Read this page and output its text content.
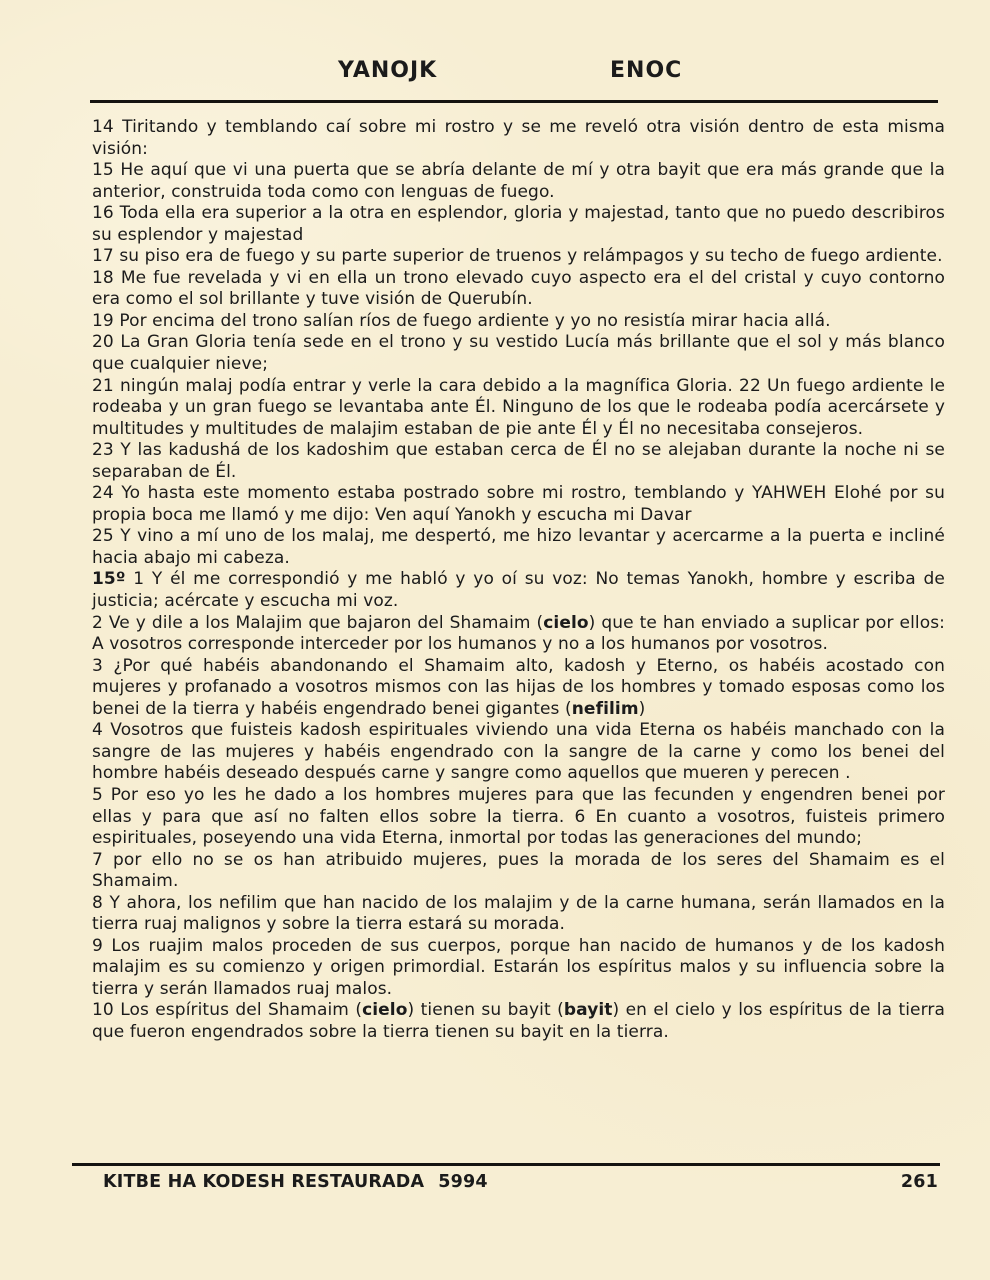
YANOJK	ENOC

14 Tiritando y temblando caí sobre mi rostro y se me reveló otra visión dentro de esta misma visión:

15 He aquí que vi una puerta que se abría delante de mí y otra bayit que era más grande que la anterior, construida toda como con lenguas de fuego.

16 Toda ella era superior a la otra en esplendor, gloria y majestad, tanto que no puedo describiros su esplendor y majestad

17 su piso era de fuego y su parte superior de truenos y relámpagos y su techo de fuego ardiente.

18 Me fue revelada y vi en ella un trono elevado cuyo aspecto era el del cristal y cuyo contorno era como el sol brillante y tuve visión de Querubín.

19 Por encima del trono salían ríos de fuego ardiente y yo no resistía mirar hacia allá.

20 La Gran Gloria tenía sede en el trono y su vestido Lucía más brillante que el sol y más blanco que cualquier nieve;

21 ningún malaj podía entrar y verle la cara debido a la magnífica Gloria. 22 Un fuego ardiente le rodeaba y un gran fuego se levantaba ante Él. Ninguno de los que le rodeaba podía acercársete y multitudes y multitudes de malajim estaban de pie ante Él y Él no necesitaba consejeros.

23 Y las kadushá de los kadoshim que estaban cerca de Él no se alejaban durante la noche ni se separaban de Él.

24 Yo hasta este momento estaba postrado sobre mi rostro, temblando y YAHWEH Elohé por su propia boca me llamó y me dijo: Ven aquí Yanokh y escucha mi Davar

25 Y vino a mí uno de los malaj, me despertó, me hizo levantar y acercarme a la puerta e incliné hacia abajo mi cabeza.

15º 1 Y él me correspondió y me habló y yo oí su voz: No temas Yanokh, hombre y escriba de justicia; acércate y escucha mi voz.

2 Ve y dile a los Malajim que bajaron del Shamaim (cielo) que te han enviado a suplicar por ellos: A vosotros corresponde interceder por los humanos y no a los humanos por vosotros.

3 ¿Por qué habéis abandonando el Shamaim alto, kadosh y Eterno, os habéis acostado con mujeres y profanado a vosotros mismos con las hijas de los hombres y tomado esposas como los benei de la tierra y habéis engendrado benei gigantes (nefilim)

4 Vosotros que fuisteis kadosh espirituales viviendo una vida Eterna os habéis manchado con la sangre de las mujeres y habéis engendrado con la sangre de la carne y como los benei del hombre habéis deseado después carne y sangre como aquellos que mueren y perecen .

5 Por eso yo les he dado a los hombres mujeres para que las fecunden y engendren benei por ellas y para que así no falten ellos sobre la tierra. 6 En cuanto a vosotros, fuisteis primero espirituales, poseyendo una vida Eterna, inmortal por todas las generaciones del mundo;

7 por ello no se os han atribuido mujeres, pues la morada de los seres del Shamaim es el Shamaim.

8 Y ahora, los nefilim que han nacido de los malajim y de la carne humana, serán llamados en la tierra ruaj malignos y sobre la tierra estará su morada.

9 Los ruajim malos proceden de sus cuerpos, porque han nacido de humanos y de los kadosh malajim es su comienzo y origen primordial. Estarán los espíritus malos y su influencia sobre la tierra y serán llamados ruaj malos.

10 Los espíritus del Shamaim (cielo) tienen su bayit (bayit) en el cielo y los espíritus de la tierra que fueron engendrados sobre la tierra tienen su bayit en la tierra.

KITBE HA KODESH RESTAURADA 5994	261
